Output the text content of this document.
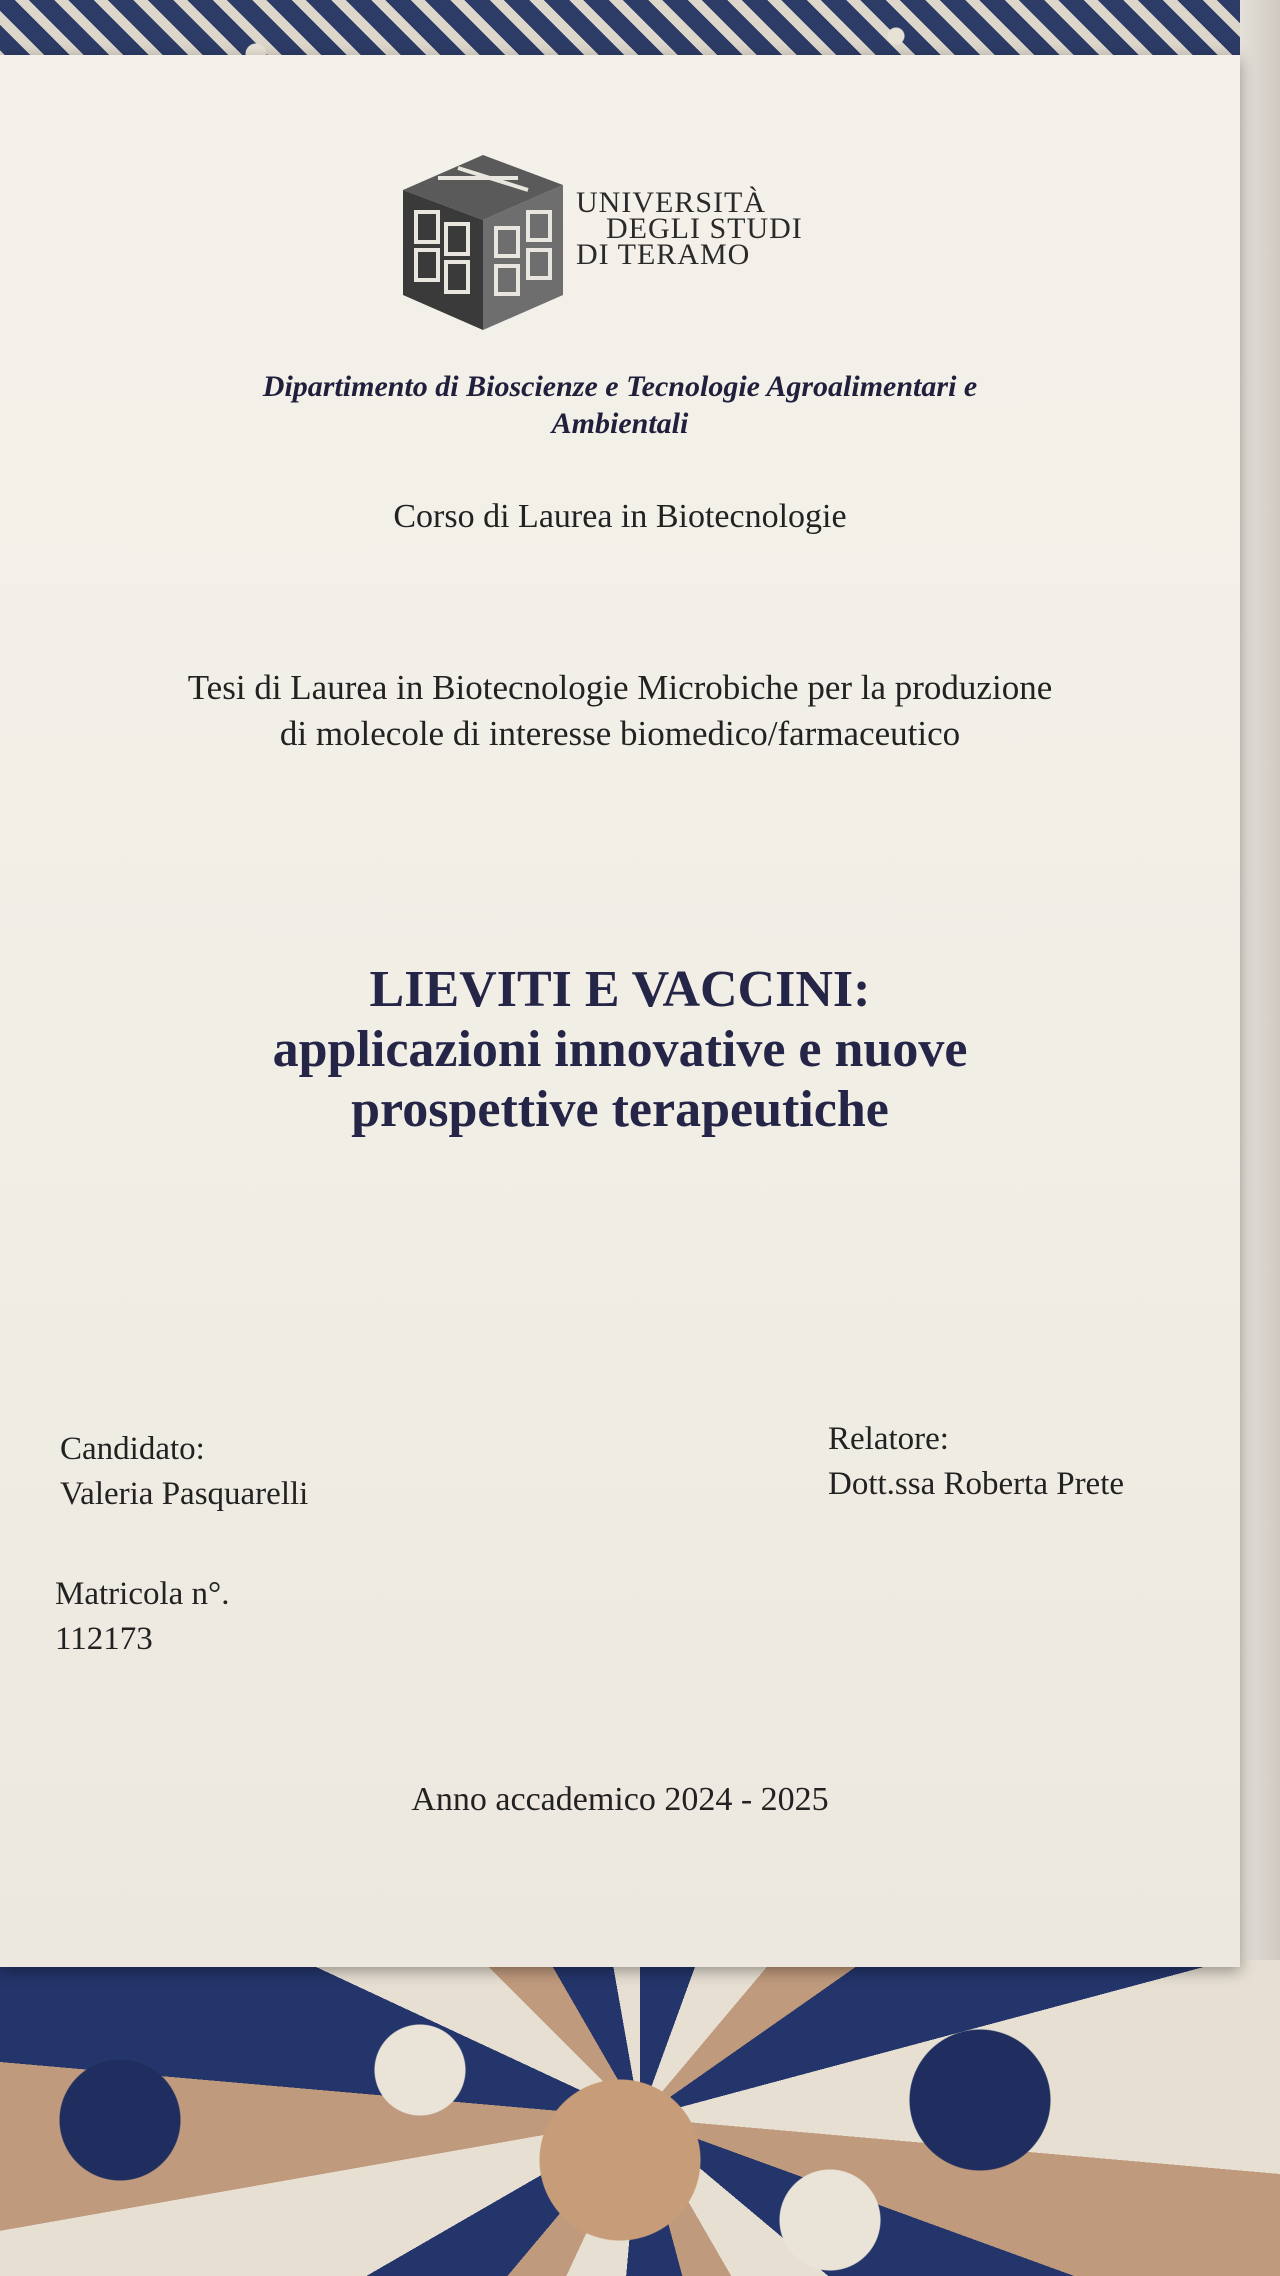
UNIVERSITÀ
DEGLI STUDI
DI TERAMO
Dipartimento di Bioscienze e Tecnologie Agroalimentari e
Ambientali
Corso di Laurea in Biotecnologie
Tesi di Laurea in Biotecnologie Microbiche per la produzione
di molecole di interesse biomedico/farmaceutico
LIEVITI E VACCINI:
applicazioni innovative e nuove
prospettive terapeutiche
Candidato:
Valeria Pasquarelli
Relatore:
Dott.ssa Roberta Prete
Matricola n°.
112173
Anno accademico 2024 - 2025
